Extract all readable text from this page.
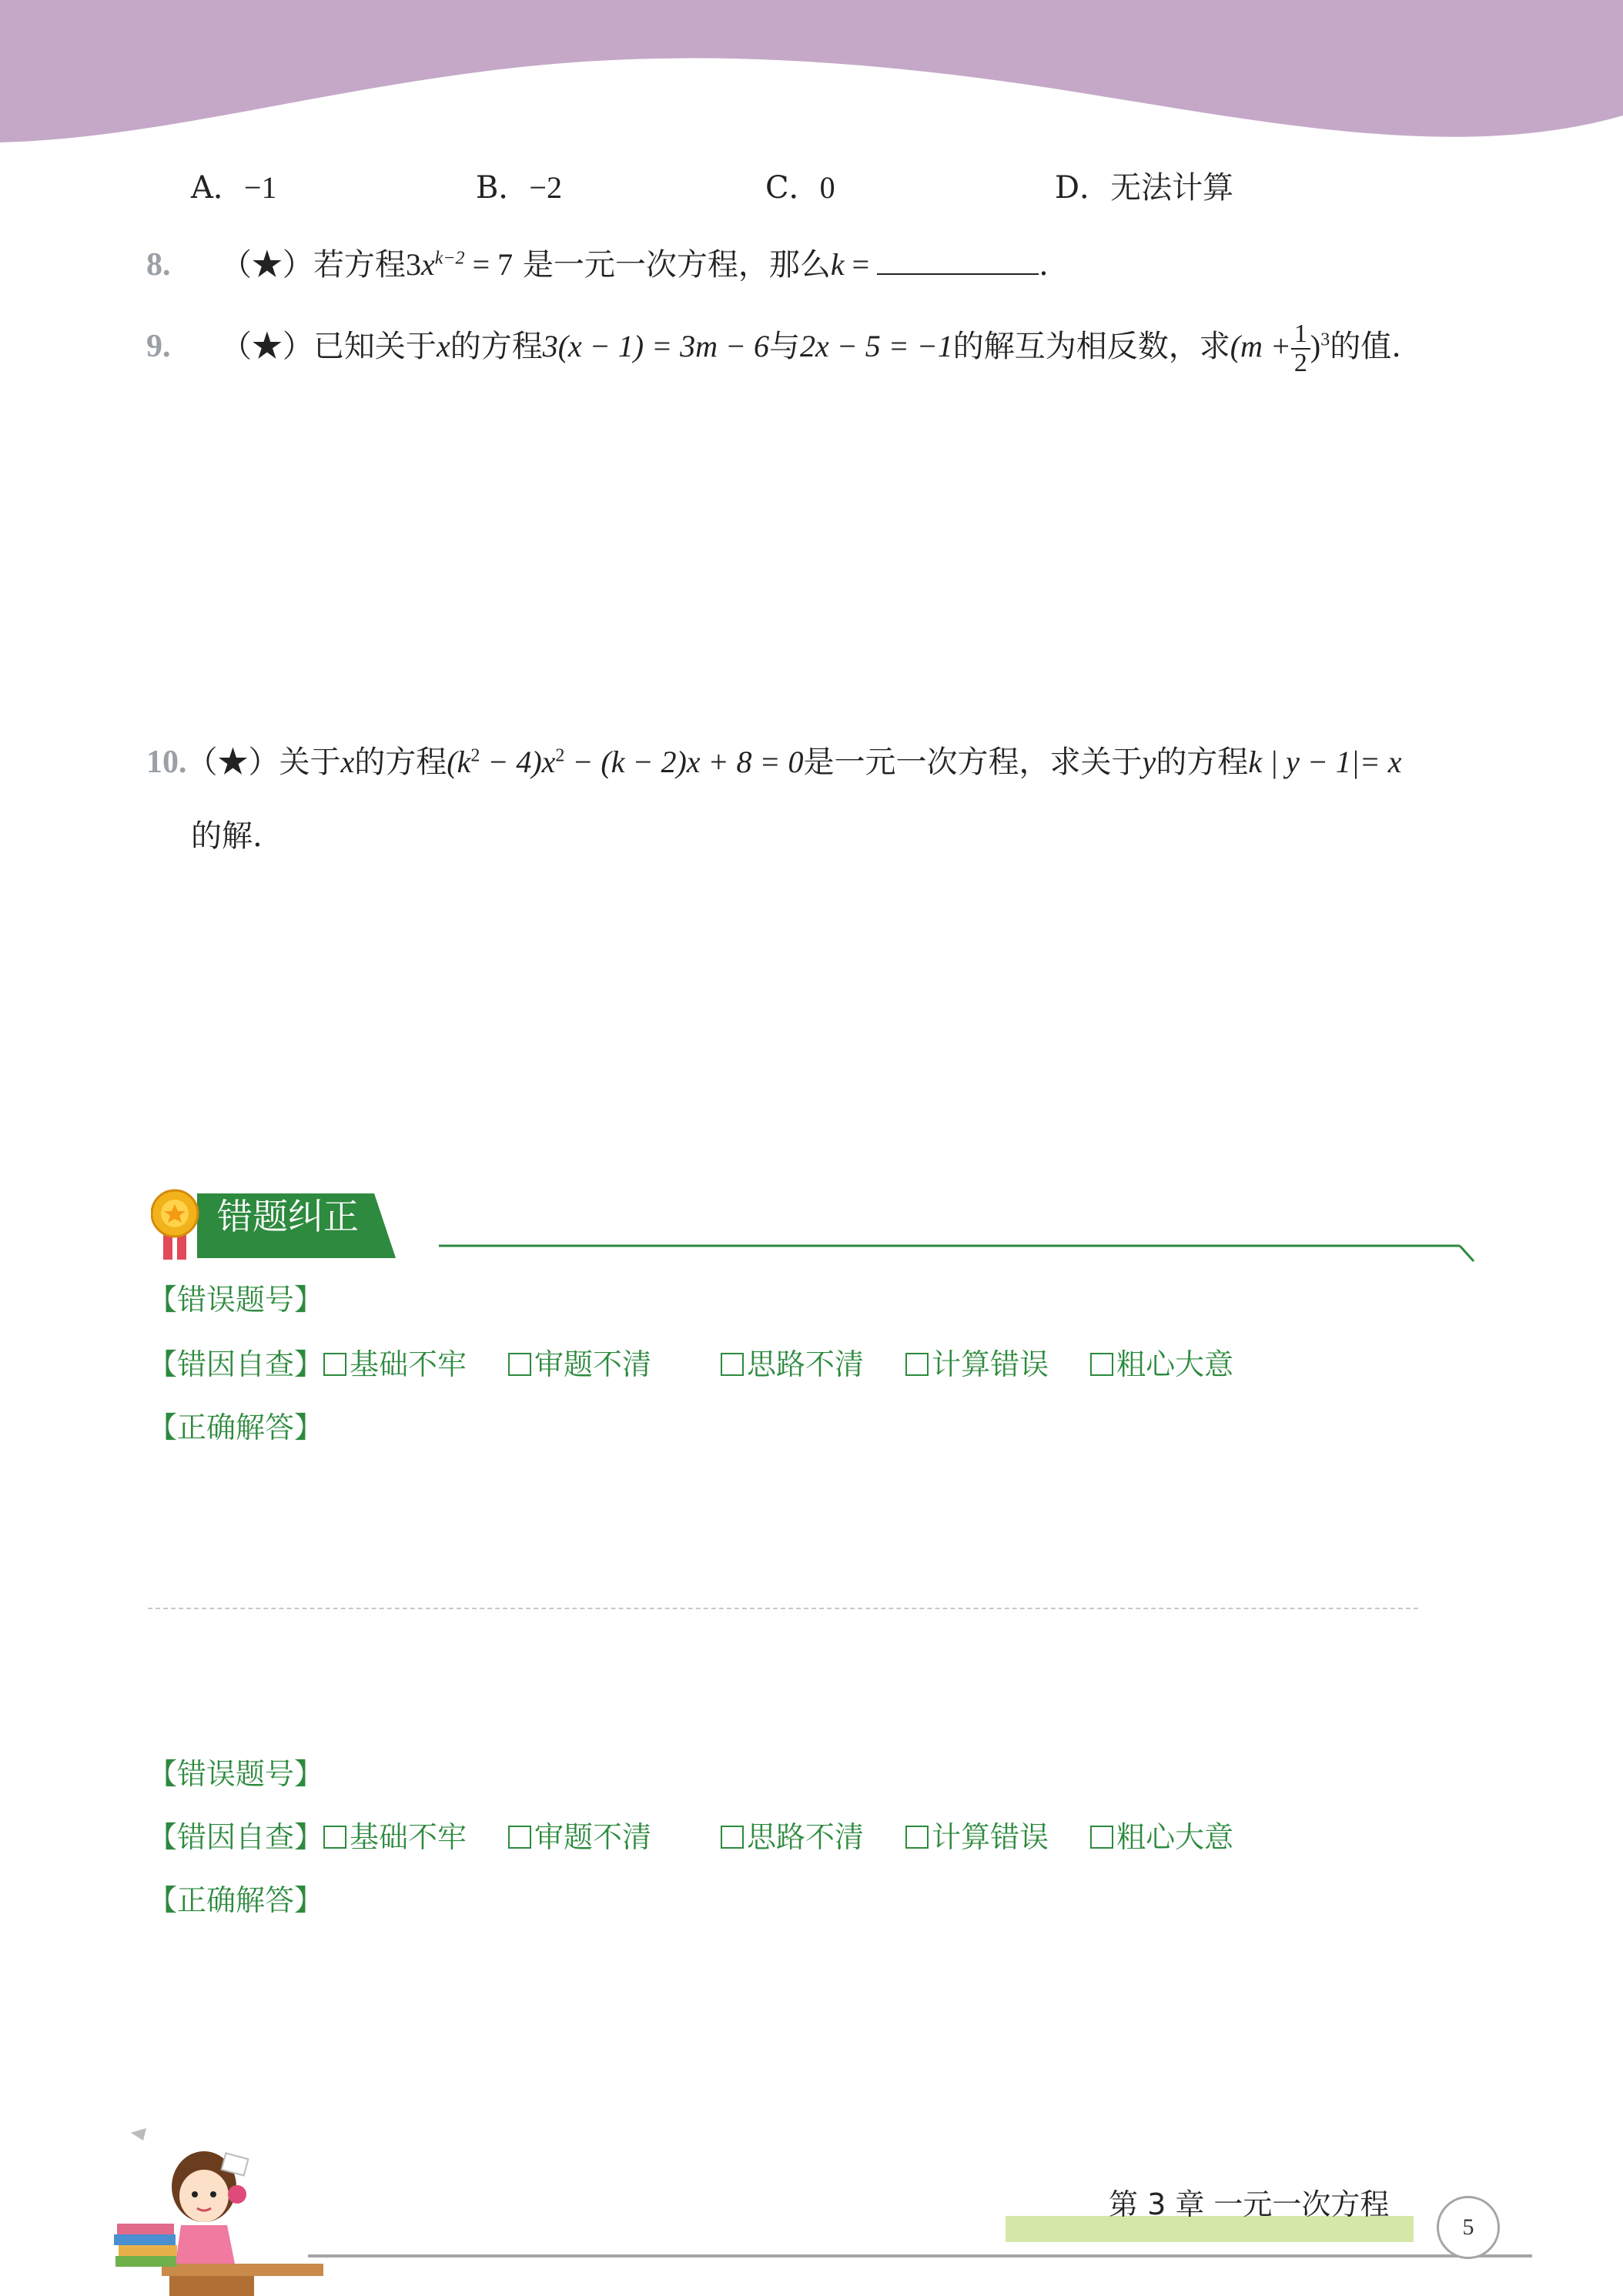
A．−1	B．−2	C．0	D．无法计算
8. （★）若方程$3x^{k-2} = 7$ 是一元一次方程，那么k =	.
9. （★）已知关于x的方程3(x − 1) = 3m − 6与2x − 5 = −1的解互为相反数，求$(m + \frac{1}{2} )^3$的值.
10.（★）关于x的方程$(k^2 - 4)x^2 - (k - 2)x + 8 = 0$是一元一次方程，求关于y的方程k | y − 1|= x
的解.
错题纠正
【错误题号】
【错因自查】 基础不牢 审题不清	思路不清 计算错误 粗心大意
【正确解答】
【错误题号】
【错因自查】 基础不牢 审题不清	思路不清 计算错误 粗心大意
【正确解答】
第 3 章 一元一次方程
5
